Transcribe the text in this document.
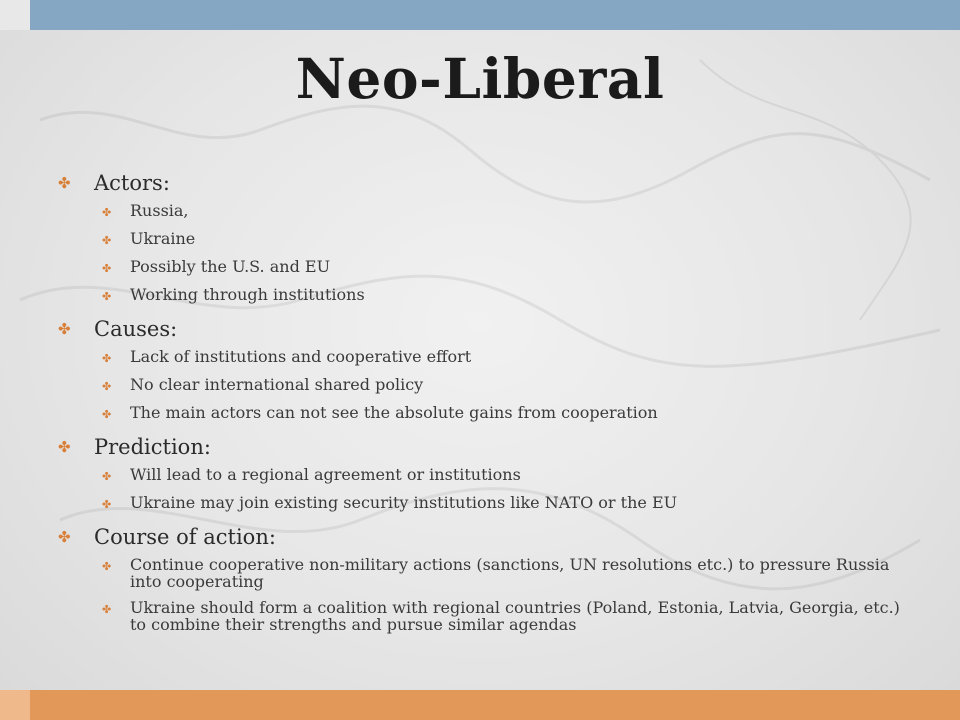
Neo-Liberal
✤	Actors:
✤	Russia,
✤	Ukraine
✤	Possibly the U.S. and EU
✤	Working through institutions
✤	Causes:
✤	Lack of institutions and cooperative effort
✤	No clear international shared policy
✤	The main actors can not see the absolute gains from cooperation
✤	Prediction:
✤	Will lead to a regional agreement or institutions
✤	Ukraine may join existing security institutions like NATO or the EU
✤	Course of action:
✤	Continue cooperative non-military actions (sanctions, UN resolutions etc.) to pressure Russia into cooperating
✤	Ukraine should form a coalition with regional countries (Poland, Estonia, Latvia, Georgia, etc.) to combine their strengths and pursue similar agendas
